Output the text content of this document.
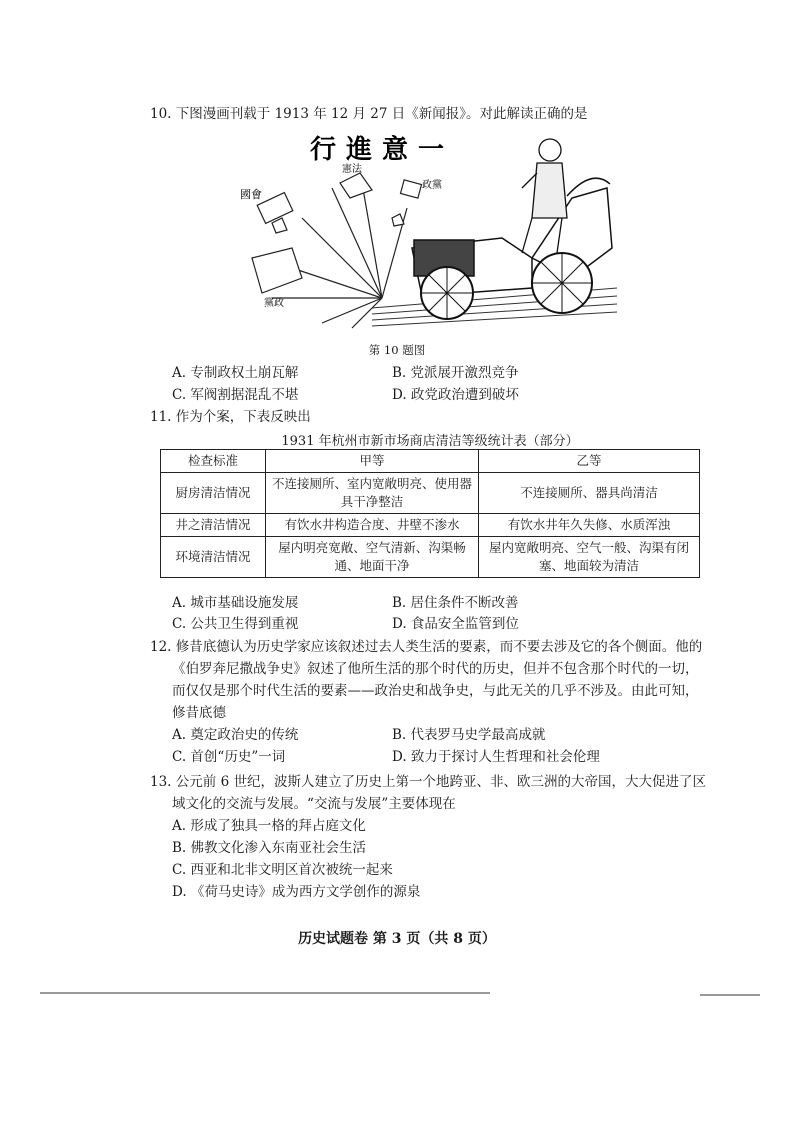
10. 下图漫画刊载于 1913 年 12 月 27 日《新闻报》。对此解读正确的是
行進意一
國會
憲法
政黨
黨政
第 10 题图
A. 专制政权土崩瓦解	B. 党派展开激烈竞争
C. 军阀割据混乱不堪	D. 政党政治遭到破坏
11. 作为个案，下表反映出
1931 年杭州市新市场商店清洁等级统计表（部分）
检查标准	甲等	乙等
厨房清洁情况	不连接厕所、室内宽敞明亮、使用器具干净整洁	不连接厕所、器具尚清洁
井之清洁情况	有饮水井构造合度、井壁不渗水	有饮水井年久失修、水质浑浊
环境清洁情况	屋内明亮宽敞、空气清新、沟渠畅通、地面干净	屋内宽敞明亮、空气一般、沟渠有闭塞、地面较为清洁
A. 城市基础设施发展	B. 居住条件不断改善
C. 公共卫生得到重视	D. 食品安全监管到位
12. 修昔底德认为历史学家应该叙述过去人类生活的要素，而不要去涉及它的各个侧面。他的
《伯罗奔尼撒战争史》叙述了他所生活的那个时代的历史，但并不包含那个时代的一切，
而仅仅是那个时代生活的要素——政治史和战争史，与此无关的几乎不涉及。由此可知，
修昔底德
A. 奠定政治史的传统	B. 代表罗马史学最高成就
C. 首创“历史”一词	D. 致力于探讨人生哲理和社会伦理
13. 公元前 6 世纪，波斯人建立了历史上第一个地跨亚、非、欧三洲的大帝国，大大促进了区
域文化的交流与发展。“交流与发展”主要体现在
A. 形成了独具一格的拜占庭文化
B. 佛教文化渗入东南亚社会生活
C. 西亚和北非文明区首次被统一起来
D. 《荷马史诗》成为西方文学创作的源泉
历史试题卷 第 3 页（共 8 页）
